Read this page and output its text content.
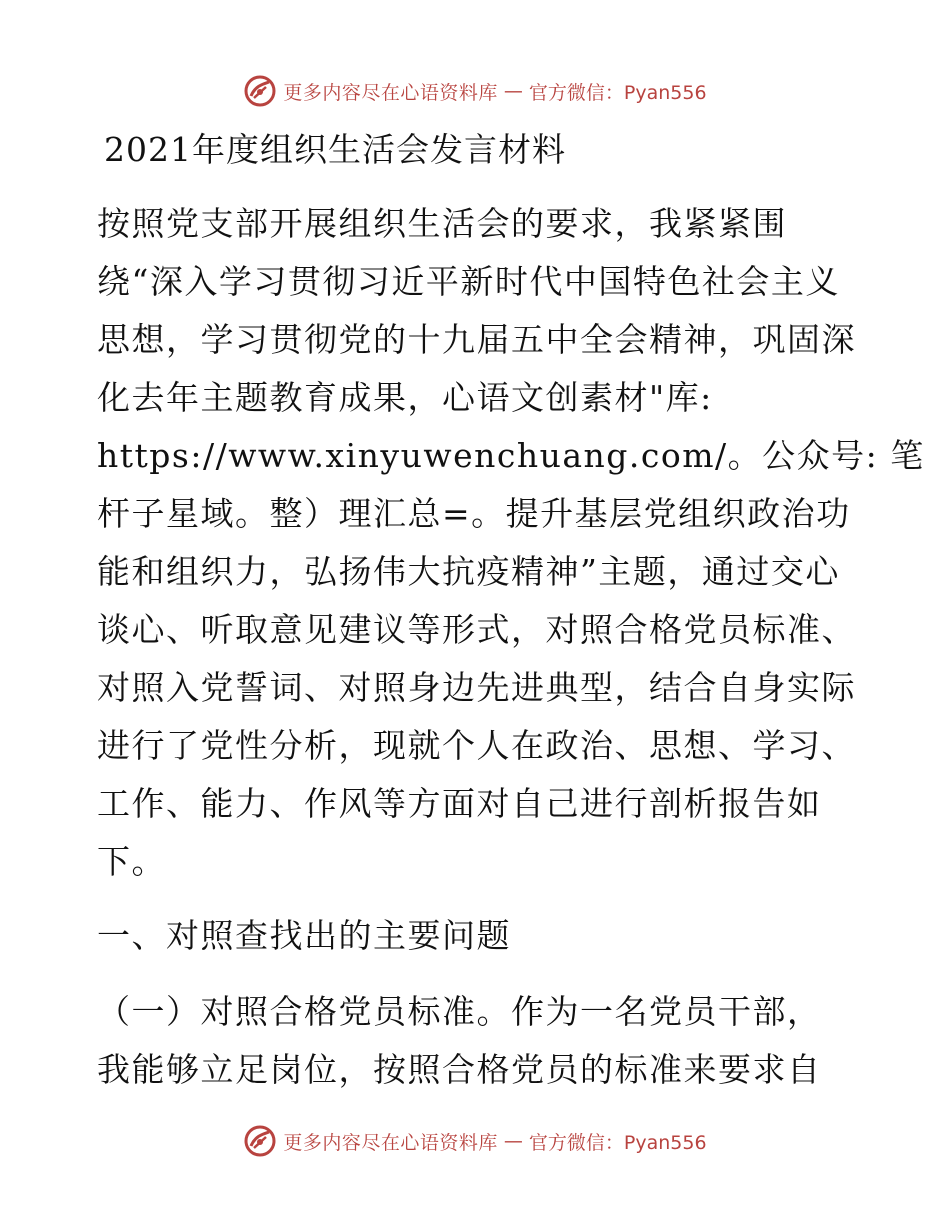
更多内容尽在心语资料库 — 官方微信：Pyan556
2021年度组织生活会发言材料
按照党支部开展组织生活会的要求，我紧紧围
绕“深入学习贯彻习近平新时代中国特色社会主义
思想，学习贯彻党的十九届五中全会精神，巩固深
化去年主题教育成果，心语文创素材"库:
https://www.xinyuwenchuang.com/。公众号: 笔
杆子星域。整）理汇总=。提升基层党组织政治功
能和组织力，弘扬伟大抗疫精神”主题，通过交心
谈心、听取意见建议等形式，对照合格党员标准、
对照入党誓词、对照身边先进典型，结合自身实际
进行了党性分析，现就个人在政治、思想、学习、
工作、能力、作风等方面对自己进行剖析报告如
下。
一、对照查找出的主要问题
（一）对照合格党员标准。作为一名党员干部，
我能够立足岗位，按照合格党员的标准来要求自
更多内容尽在心语资料库 — 官方微信：Pyan556
